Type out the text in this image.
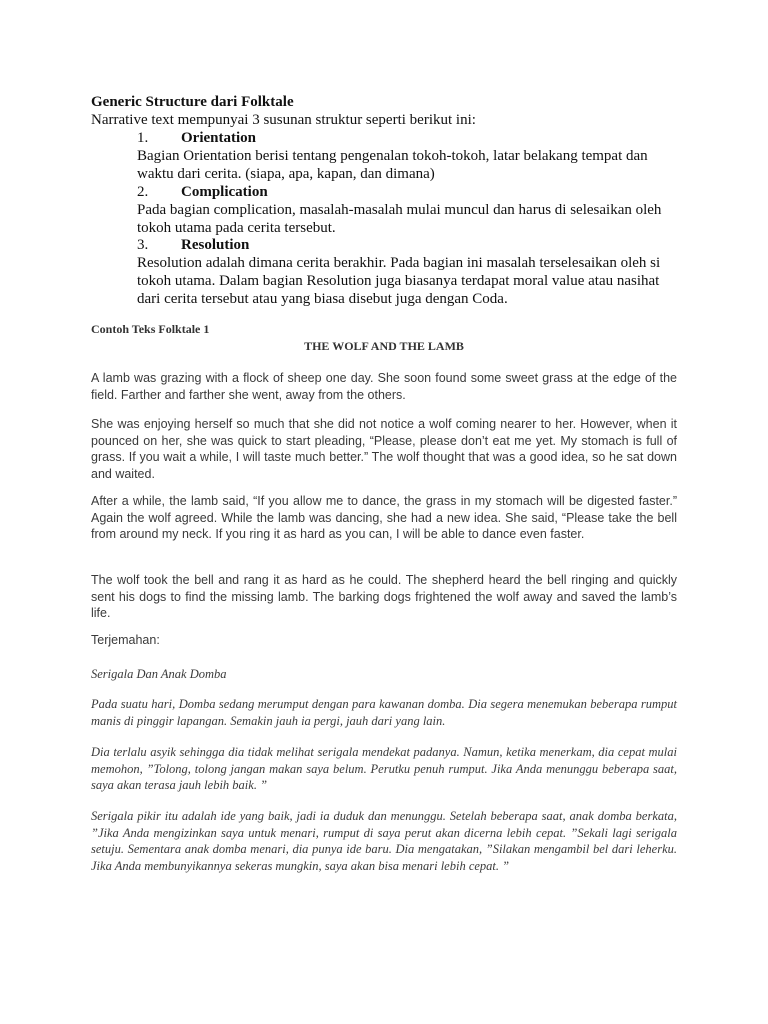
Generic Structure dari Folktale
Narrative text mempunyai 3 susunan struktur seperti berikut ini:
1. Orientation
Bagian Orientation berisi tentang pengenalan tokoh-tokoh, latar belakang tempat dan waktu dari cerita. (siapa, apa, kapan, dan dimana)
2. Complication
Pada bagian complication, masalah-masalah mulai muncul dan harus di selesaikan oleh tokoh utama pada cerita tersebut.
3. Resolution
Resolution adalah dimana cerita berakhir. Pada bagian ini masalah terselesaikan oleh si tokoh utama. Dalam bagian Resolution juga biasanya terdapat moral value atau nasihat dari cerita tersebut atau yang biasa disebut juga dengan Coda.
Contoh Teks Folktale 1
THE WOLF AND THE LAMB
A lamb was grazing with a flock of sheep one day. She soon found some sweet grass at the edge of the field. Farther and farther she went, away from the others.
She was enjoying herself so much that she did not notice a wolf coming nearer to her. However, when it pounced on her, she was quick to start pleading, “Please, please don’t eat me yet. My stomach is full of grass. If you wait a while, I will taste much better.” The wolf thought that was a good idea, so he sat down and waited.
After a while, the lamb said, “If you allow me to dance, the grass in my stomach will be digested faster.” Again the wolf agreed. While the lamb was dancing, she had a new idea. She said, “Please take the bell from around my neck. If you ring it as hard as you can, I will be able to dance even faster.
The wolf took the bell and rang it as hard as he could. The shepherd heard the bell ringing and quickly sent his dogs to find the missing lamb. The barking dogs frightened the wolf away and saved the lamb’s life.
Terjemahan:
Serigala Dan Anak Domba
Pada suatu hari, Domba sedang merumput dengan para kawanan domba. Dia segera menemukan beberapa rumput manis di pinggir lapangan. Semakin jauh ia pergi, jauh dari yang lain.
Dia terlalu asyik sehingga dia tidak melihat serigala mendekat padanya. Namun, ketika menerkam, dia cepat mulai memohon, ”Tolong, tolong jangan makan saya belum. Perutku penuh rumput. Jika Anda menunggu beberapa saat, saya akan terasa jauh lebih baik. ”
Serigala pikir itu adalah ide yang baik, jadi ia duduk dan menunggu. Setelah beberapa saat, anak domba berkata, ”Jika Anda mengizinkan saya untuk menari, rumput di saya perut akan dicerna lebih cepat. ”Sekali lagi serigala setuju. Sementara anak domba menari, dia punya ide baru. Dia mengatakan, ”Silakan mengambil bel dari leherku. Jika Anda membunyikannya sekeras mungkin, saya akan bisa menari lebih cepat. ”
